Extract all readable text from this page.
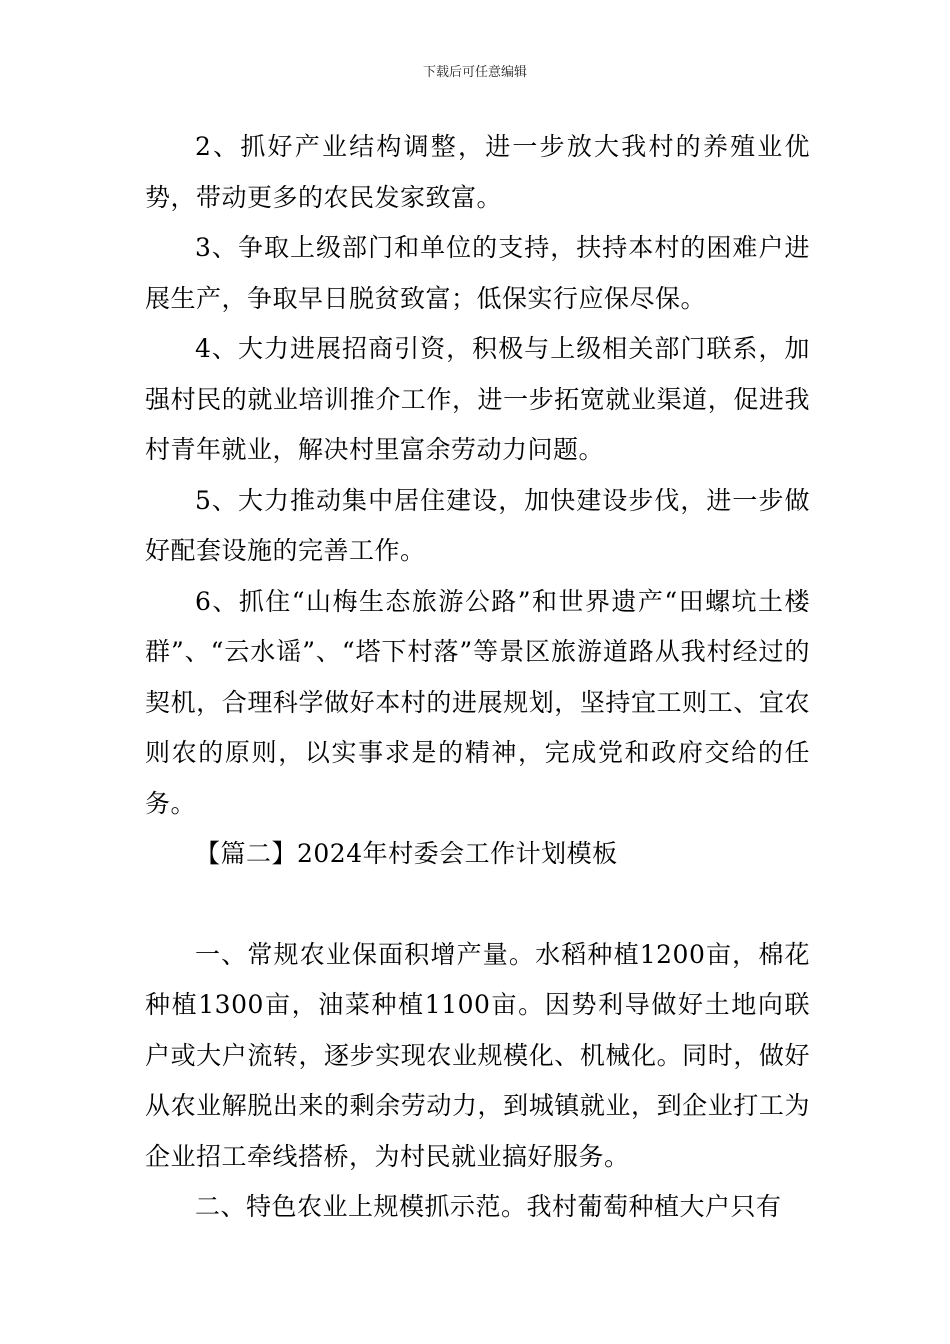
下载后可任意编辑

2、抓好产业结构调整，进一步放大我村的养殖业优势，带动更多的农民发家致富。

3、争取上级部门和单位的支持，扶持本村的困难户进展生产，争取早日脱贫致富；低保实行应保尽保。

4、大力进展招商引资，积极与上级相关部门联系，加强村民的就业培训推介工作，进一步拓宽就业渠道，促进我村青年就业，解决村里富余劳动力问题。

5、大力推动集中居住建设，加快建设步伐，进一步做好配套设施的完善工作。

6、抓住“山梅生态旅游公路”和世界遗产“田螺坑土楼群”、“云水谣”、“塔下村落”等景区旅游道路从我村经过的契机，合理科学做好本村的进展规划，坚持宜工则工、宜农则农的原则，以实事求是的精神，完成党和政府交给的任务。

【篇二】2024年村委会工作计划模板

一、常规农业保面积增产量。水稻种植1200亩，棉花种植1300亩，油菜种植1100亩。因势利导做好土地向联户或大户流转，逐步实现农业规模化、机械化。同时，做好从农业解脱出来的剩余劳动力，到城镇就业，到企业打工为企业招工牵线搭桥，为村民就业搞好服务。

二、特色农业上规模抓示范。我村葡萄种植大户只有
